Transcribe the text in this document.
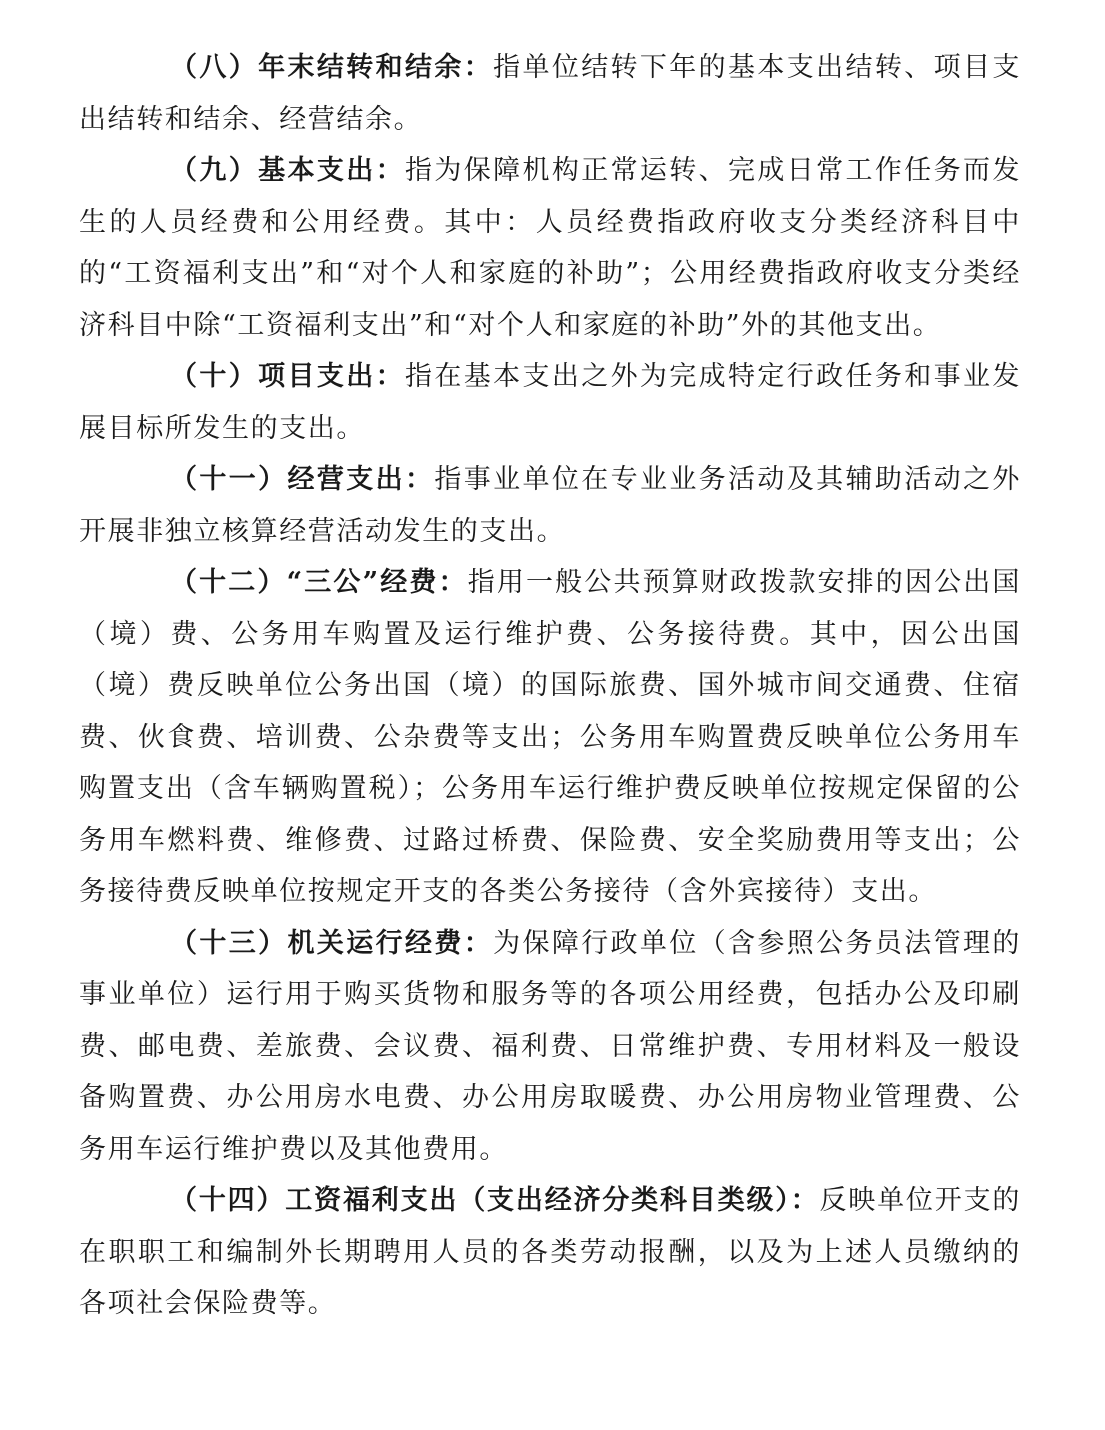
（八）年末结转和结余：指单位结转下年的基本支出结转、项目支出结转和结余、经营结余。

（九）基本支出：指为保障机构正常运转、完成日常工作任务而发生的人员经费和公用经费。其中：人员经费指政府收支分类经济科目中的“工资福利支出”和“对个人和家庭的补助”；公用经费指政府收支分类经济科目中除“工资福利支出”和“对个人和家庭的补助”外的其他支出。

（十）项目支出：指在基本支出之外为完成特定行政任务和事业发展目标所发生的支出。

（十一）经营支出：指事业单位在专业业务活动及其辅助活动之外开展非独立核算经营活动发生的支出。

（十二）“三公”经费：指用一般公共预算财政拨款安排的因公出国（境）费、公务用车购置及运行维护费、公务接待费。其中，因公出国（境）费反映单位公务出国（境）的国际旅费、国外城市间交通费、住宿费、伙食费、培训费、公杂费等支出；公务用车购置费反映单位公务用车购置支出（含车辆购置税）；公务用车运行维护费反映单位按规定保留的公务用车燃料费、维修费、过路过桥费、保险费、安全奖励费用等支出；公务接待费反映单位按规定开支的各类公务接待（含外宾接待）支出。

（十三）机关运行经费：为保障行政单位（含参照公务员法管理的事业单位）运行用于购买货物和服务等的各项公用经费，包括办公及印刷费、邮电费、差旅费、会议费、福利费、日常维护费、专用材料及一般设备购置费、办公用房水电费、办公用房取暖费、办公用房物业管理费、公务用车运行维护费以及其他费用。

（十四）工资福利支出（支出经济分类科目类级）：反映单位开支的在职职工和编制外长期聘用人员的各类劳动报酬，以及为上述人员缴纳的各项社会保险费等。
